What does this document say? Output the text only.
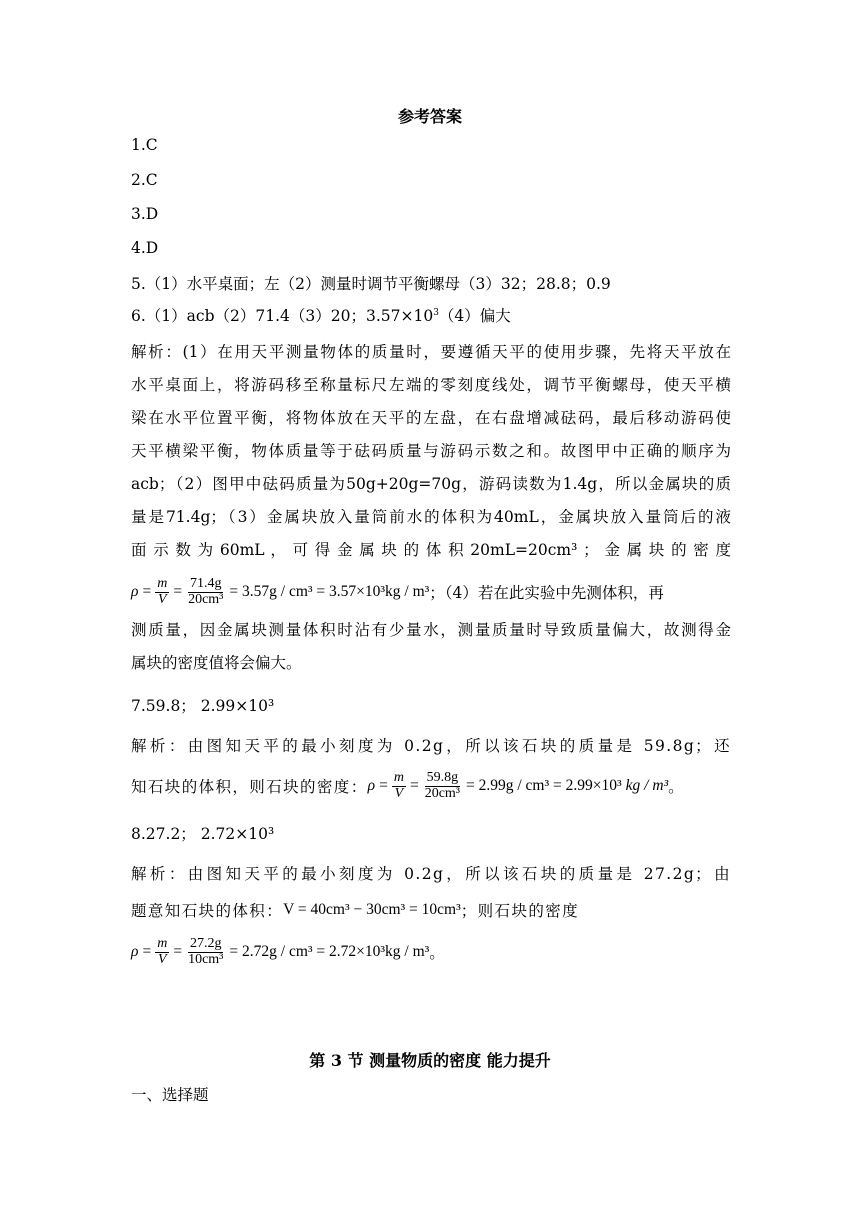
参考答案
1.C
2.C
3.D
4.D
5.（1）水平桌面；左（2）测量时调节平衡螺母（3）32；28.8；0.9
6.（1）acb（2）71.4（3）20；$3.57\times 10^3(4)$偏大
解析：(1）在用天平测量物体的质量时，要遵循天平的使用步骤，先将天平放在
水平桌面上，将游码移至称量标尺左端的零刻度线处，调节平衡螺母，使天平横
梁在水平位置平衡，将物体放在天平的左盘，在右盘增减砝码，最后移动游码使
天平横梁平衡，物体质量等于砝码质量与游码示数之和。故图甲中正确的顺序为
acb；（2）图甲中砝码质量为50g+20g=70g，游码读数为1.4g，所以金属块的质
量是71.4g；（3）金属块放入量筒前水的体积为40mL，金属块放入量筒后的液
面 示 数 为 60mL ， 可 得 金 属 块 的 体 积 20mL=20cm³ ； 金 属 块 的 密 度
$\rho = \frac{m}{V} = \frac{71.4g}{\text{20cm³}} = 3.57g / cm^3 = 3.57\times 10^3kg / m^3$ ；（4）若在此实验中先测体积，再
测质量，因金属块测量体积时沾有少量水，测量质量时导致质量偏大，故测得金
属块的密度值将会偏大。
7.59.8； 2.99×10³
解析：由图知天平的最小刻度为 0.2g，所以该石块的质量是 59.8g；还
知石块的体积，则石块的密度： $\rho = \frac{m}{V} = \frac{59.8g}{\text{20cm³}} = 2.99g / cm^3 = 2.99\times 10^3$ kg / m³ 。
8.27.2； 2.72×10³
解析：由图知天平的最小刻度为 0.2g，所以该石块的质量是 27.2g；由
题意知石块的体积： V = 40cm³ − 30cm³ = 10cm³ ；则石块的密度
$\rho = \frac{m}{V} = \frac{27.2g}{\text{10cm³}} = 2.72g / cm^3 = 2.72\times 10^3kg / m^3$ 。
第 3 节 测量物质的密度 能力提升
一、选择题
